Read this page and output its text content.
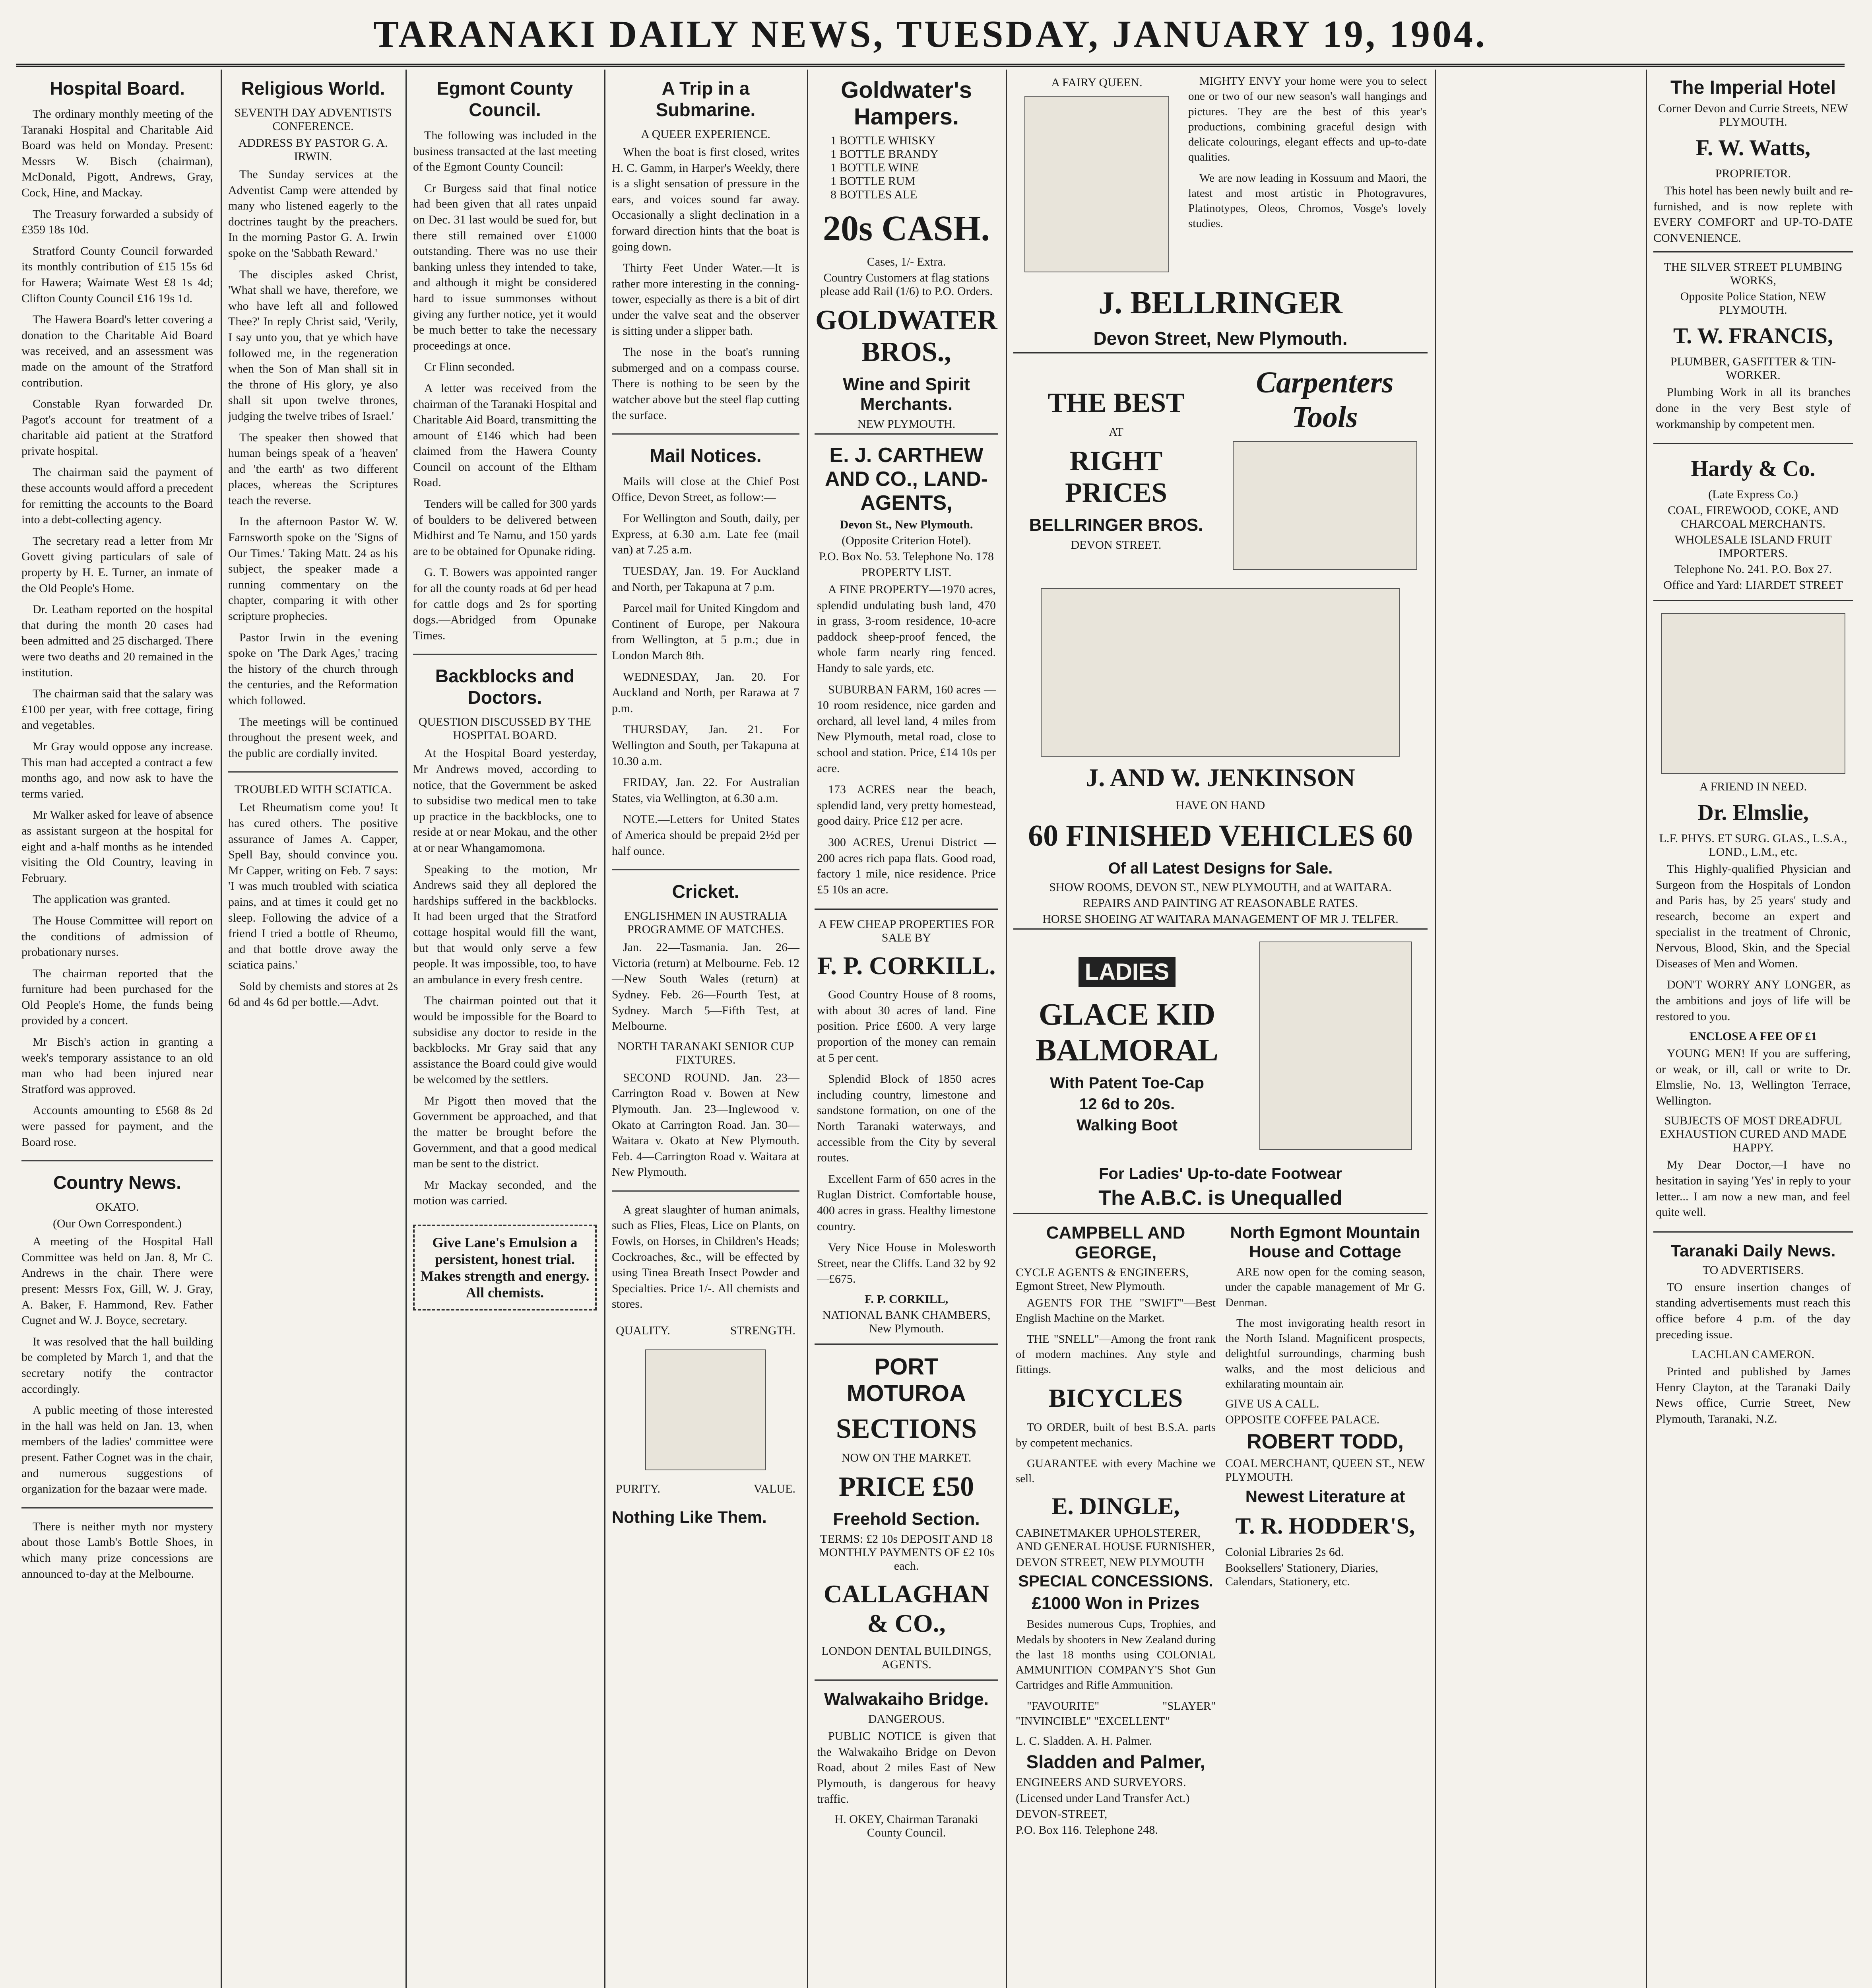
TARANAKI DAILY NEWS, TUESDAY, JANUARY 19, 1904.
Hospital Board.

The ordinary monthly meeting of the Taranaki Hospital and Charitable Aid Board was held on Monday. Present: Messrs W. Bisch (chairman), McDonald, Pigott, Andrews, Gray, Cock, Hine, and Mackay.

The Treasury forwarded a subsidy of £359 18s 10d.

Stratford County Council forwarded its monthly contribution of £15 15s 6d for Hawera; Waimate West £8 1s 4d; Clifton County Council £16 19s 1d.

The Hawera Board's letter covering a donation to the Charitable Aid Board was received, and an assessment was made on the amount of the Stratford contribution.

Constable Ryan forwarded Dr. Pagot's account for treatment of a charitable aid patient at the Stratford private hospital.

The chairman said the payment of these accounts would afford a precedent for remitting the accounts to the Board into a debt-collecting agency.

The secretary read a letter from Mr Govett giving particulars of sale of property by H. E. Turner, an inmate of the Old People's Home.

Dr. Leatham reported on the hospital that during the month 20 cases had been admitted and 25 discharged. There were two deaths and 20 remained in the institution.

The chairman said that the salary was £100 per year, with free cottage, firing and vegetables.

Mr Gray would oppose any increase. This man had accepted a contract a few months ago, and now ask to have the terms varied.

Mr Walker asked for leave of absence as assistant surgeon at the hospital for eight and a-half months as he intended visiting the Old Country, leaving in February.

The application was granted.

The House Committee will report on the conditions of admission of probationary nurses.

The chairman reported that the furniture had been purchased for the Old People's Home, the funds being provided by a concert.

Mr Bisch's action in granting a week's temporary assistance to an old man who had been injured near Stratford was approved.

Accounts amounting to £568 8s 2d were passed for payment, and the Board rose.

Country News.
OKATO.
(Our Own Correspondent.)

A meeting of the Hospital Hall Committee was held on Jan. 8, Mr C. Andrews in the chair. There were present: Messrs Fox, Gill, W. J. Gray, A. Baker, F. Hammond, Rev. Father Cugnet and W. J. Boyce, secretary.

It was resolved that the hall building be completed by March 1, and that the secretary notify the contractor accordingly.

A public meeting of those interested in the hall was held on Jan. 13, when members of the ladies' committee were present. Father Cognet was in the chair, and numerous suggestions of organization for the bazaar were made.

There is neither myth nor mystery about those Lamb's Bottle Shoes, in which many prize concessions are announced to-day at the Melbourne.

Religious World.
SEVENTH DAY ADVENTISTS CONFERENCE.
ADDRESS BY PASTOR G. A. IRWIN.

The Sunday services at the Adventist Camp were attended by many who listened eagerly to the doctrines taught by the preachers. In the morning Pastor G. A. Irwin spoke on the 'Sabbath Reward.'

The disciples asked Christ, 'What shall we have, therefore, we who have left all and followed Thee?' In reply Christ said, 'Verily, I say unto you, that ye which have followed me, in the regeneration when the Son of Man shall sit in the throne of His glory, ye also shall sit upon twelve thrones, judging the twelve tribes of Israel.'

The speaker then showed that human beings speak of a 'heaven' and 'the earth' as two different places, whereas the Scriptures teach the reverse.

In the afternoon Pastor W. W. Farnsworth spoke on the 'Signs of Our Times.' Taking Matt. 24 as his subject, the speaker made a running commentary on the chapter, comparing it with other scripture prophecies.

Pastor Irwin in the evening spoke on 'The Dark Ages,' tracing the history of the church through the centuries, and the Reformation which followed.

The meetings will be continued throughout the present week, and the public are cordially invited.

TROUBLED WITH SCIATICA.

Let Rheumatism come you! It has cured others. The positive assurance of James A. Capper, Spell Bay, should convince you. Mr Capper, writing on Feb. 7 says: 'I was much troubled with sciatica pains, and at times it could get no sleep. Following the advice of a friend I tried a bottle of Rheumo, and that bottle drove away the sciatica pains.'

Sold by chemists and stores at 2s 6d and 4s 6d per bottle.—Advt.

Egmont County Council.

The following was included in the business transacted at the last meeting of the Egmont County Council:

Cr Burgess said that final notice had been given that all rates unpaid on Dec. 31 last would be sued for, but there still remained over £1000 outstanding. There was no use their banking unless they intended to take, and although it might be considered hard to issue summonses without giving any further notice, yet it would be much better to take the necessary proceedings at once.

Cr Flinn seconded.

A letter was received from the chairman of the Taranaki Hospital and Charitable Aid Board, transmitting the amount of £146 which had been claimed from the Hawera County Council on account of the Eltham Road.

Tenders will be called for 300 yards of boulders to be delivered between Midhirst and Te Namu, and 150 yards are to be obtained for Opunake riding.

G. T. Bowers was appointed ranger for all the county roads at 6d per head for cattle dogs and 2s for sporting dogs.—Abridged from Opunake Times.

Backblocks and Doctors.
QUESTION DISCUSSED BY THE HOSPITAL BOARD.

At the Hospital Board yesterday, Mr Andrews moved, according to notice, that the Government be asked to subsidise two medical men to take up practice in the backblocks, one to reside at or near Mokau, and the other at or near Whangamomona.

Speaking to the motion, Mr Andrews said they all deplored the hardships suffered in the backblocks. It had been urged that the Stratford cottage hospital would fill the want, but that would only serve a few people. It was impossible, too, to have an ambulance in every fresh centre.

The chairman pointed out that it would be impossible for the Board to subsidise any doctor to reside in the backblocks. Mr Gray said that any assistance the Board could give would be welcomed by the settlers.

Mr Pigott then moved that the Government be approached, and that the matter be brought before the Government, and that a good medical man be sent to the district.

Mr Mackay seconded, and the motion was carried.

Give Lane's Emulsion a persistent, honest trial. Makes strength and energy. All chemists.
A Trip in a Submarine.
A QUEER EXPERIENCE.

When the boat is first closed, writes H. C. Gamm, in Harper's Weekly, there is a slight sensation of pressure in the ears, and voices sound far away. Occasionally a slight declination in a forward direction hints that the boat is going down.

Thirty Feet Under Water.—It is rather more interesting in the conning-tower, especially as there is a bit of dirt under the valve seat and the observer is sitting under a slipper bath.

The nose in the boat's running submerged and on a compass course. There is nothing to be seen by the watcher above but the steel flap cutting the surface.

Mail Notices.

Mails will close at the Chief Post Office, Devon Street, as follow:—

For Wellington and South, daily, per Express, at 6.30 a.m. Late fee (mail van) at 7.25 a.m.

TUESDAY, Jan. 19. For Auckland and North, per Takapuna at 7 p.m.

Parcel mail for United Kingdom and Continent of Europe, per Nakoura from Wellington, at 5 p.m.; due in London March 8th.

WEDNESDAY, Jan. 20. For Auckland and North, per Rarawa at 7 p.m.

THURSDAY, Jan. 21. For Wellington and South, per Takapuna at 10.30 a.m.

FRIDAY, Jan. 22. For Australian States, via Wellington, at 6.30 a.m.

NOTE.—Letters for United States of America should be prepaid 2½d per half ounce.

Cricket.
ENGLISHMEN IN AUSTRALIA PROGRAMME OF MATCHES.

Jan. 22—Tasmania. Jan. 26—Victoria (return) at Melbourne. Feb. 12—New South Wales (return) at Sydney. Feb. 26—Fourth Test, at Sydney. March 5—Fifth Test, at Melbourne.

NORTH TARANAKI SENIOR CUP FIXTURES.

SECOND ROUND. Jan. 23—Carrington Road v. Bowen at New Plymouth. Jan. 23—Inglewood v. Okato at Carrington Road. Jan. 30—Waitara v. Okato at New Plymouth. Feb. 4—Carrington Road v. Waitara at New Plymouth.

A great slaughter of human animals, such as Flies, Fleas, Lice on Plants, on Fowls, on Horses, in Children's Heads; Cockroaches, &c., will be effected by using Tinea Breath Insect Powder and Specialties. Price 1/-. All chemists and stores.

QUALITY.	STRENGTH.
PURITY.	VALUE.
Nothing Like Them.
Goldwater's Hampers.
1 BOTTLE WHISKY
1 BOTTLE BRANDY
1 BOTTLE WINE
1 BOTTLE RUM
8 BOTTLES ALE
20s CASH.
Cases, 1/- Extra.
Country Customers at flag stations please add Rail (1/6) to P.O. Orders.
GOLDWATER BROS.,
Wine and Spirit Merchants.
NEW PLYMOUTH.
E. J. CARTHEW AND CO., LAND-AGENTS,
Devon St., New Plymouth.
(Opposite Criterion Hotel).
P.O. Box No. 53. Telephone No. 178
PROPERTY LIST.

A FINE PROPERTY—1970 acres, splendid undulating bush land, 470 in grass, 3-room residence, 10-acre paddock sheep-proof fenced, the whole farm nearly ring fenced. Handy to sale yards, etc.

SUBURBAN FARM, 160 acres — 10 room residence, nice garden and orchard, all level land, 4 miles from New Plymouth, metal road, close to school and station. Price, £14 10s per acre.

173 ACRES near the beach, splendid land, very pretty homestead, good dairy. Price £12 per acre.

300 ACRES, Urenui District — 200 acres rich papa flats. Good road, factory 1 mile, nice residence. Price £5 10s an acre.

A FEW CHEAP PROPERTIES FOR SALE BY
F. P. CORKILL.

Good Country House of 8 rooms, with about 30 acres of land. Fine position. Price £600. A very large proportion of the money can remain at 5 per cent.

Splendid Block of 1850 acres including country, limestone and sandstone formation, on one of the North Taranaki waterways, and accessible from the City by several routes.

Excellent Farm of 650 acres in the Ruglan District. Comfortable house, 400 acres in grass. Healthy limestone country.

Very Nice House in Molesworth Street, near the Cliffs. Land 32 by 92—£675.

F. P. CORKILL,
NATIONAL BANK CHAMBERS, New Plymouth.
PORT MOTUROA
SECTIONS
NOW ON THE MARKET.
PRICE £50
Freehold Section.
TERMS: £2 10s DEPOSIT AND 18 MONTHLY PAYMENTS OF £2 10s each.
CALLAGHAN & CO.,
LONDON DENTAL BUILDINGS, AGENTS.
Walwakaiho Bridge.
DANGEROUS.

PUBLIC NOTICE is given that the Walwakaiho Bridge on Devon Road, about 2 miles East of New Plymouth, is dangerous for heavy traffic.

H. OKEY, Chairman Taranaki County Council.
A FAIRY QUEEN.	MIGHTY ENVY your home were you to select one or two of our new season's wall hangings and pictures. They are the best of this year's productions, combining graceful design with delicate colourings, elegant effects and up-to-date qualities.

We are now leading in Kossuum and Maori, the latest and most artistic in Photogravures, Platinotypes, Oleos, Chromos, Vosge's lovely studies.

J. BELLRINGER
Devon Street, New Plymouth.
THE BEST
AT
RIGHT PRICES
BELLRINGER BROS.
DEVON STREET.
Carpenters Tools
J. AND W. JENKINSON
HAVE ON HAND
60 FINISHED VEHICLES 60
Of all Latest Designs for Sale.
SHOW ROOMS, DEVON ST., NEW PLYMOUTH, and at WAITARA.
REPAIRS AND PAINTING AT REASONABLE RATES.
HORSE SHOEING AT WAITARA MANAGEMENT OF MR J. TELFER.
LADIES
GLACE KID BALMORAL
With Patent Toe-Cap
12 6d to 20s.
Walking Boot
For Ladies' Up-to-date Footwear
The A.B.C. is Unequalled
CAMPBELL AND GEORGE,
CYCLE AGENTS & ENGINEERS, Egmont Street, New Plymouth.

AGENTS FOR THE "SWIFT"—Best English Machine on the Market.

THE "SNELL"—Among the front rank of modern machines. Any style and fittings.

BICYCLES

TO ORDER, built of best B.S.A. parts by competent mechanics.

GUARANTEE with every Machine we sell.

E. DINGLE,
CABINETMAKER UPHOLSTERER, AND GENERAL HOUSE FURNISHER,
DEVON STREET, NEW PLYMOUTH
SPECIAL CONCESSIONS.
£1000 Won in Prizes

Besides numerous Cups, Trophies, and Medals by shooters in New Zealand during the last 18 months using COLONIAL AMMUNITION COMPANY'S Shot Gun Cartridges and Rifle Ammunition.

"FAVOURITE" "SLAYER" "INVINCIBLE" "EXCELLENT"

L. C. Sladden. A. H. Palmer.
Sladden and Palmer,
ENGINEERS AND SURVEYORS.
(Licensed under Land Transfer Act.)
DEVON-STREET,
P.O. Box 116. Telephone 248.
North Egmont Mountain House and Cottage

ARE now open for the coming season, under the capable management of Mr G. Denman.

The most invigorating health resort in the North Island. Magnificent prospects, delightful surroundings, charming bush walks, and the most delicious and exhilarating mountain air.

GIVE US A CALL.
OPPOSITE COFFEE PALACE.
ROBERT TODD,
COAL MERCHANT, QUEEN ST., NEW PLYMOUTH.
Newest Literature at
T. R. HODDER'S,
Colonial Libraries 2s 6d.
Booksellers' Stationery, Diaries, Calendars, Stationery, etc.
The Imperial Hotel
Corner Devon and Currie Streets, NEW PLYMOUTH.
F. W. Watts,
PROPRIETOR.

This hotel has been newly built and re-furnished, and is now replete with EVERY COMFORT and UP-TO-DATE CONVENIENCE.

THE SILVER STREET PLUMBING WORKS,
Opposite Police Station, NEW PLYMOUTH.
T. W. FRANCIS,
PLUMBER, GASFITTER & TIN-WORKER.

Plumbing Work in all its branches done in the very Best style of workmanship by competent men.

Hardy & Co.
(Late Express Co.)
COAL, FIREWOOD, COKE, AND CHARCOAL MERCHANTS.
WHOLESALE ISLAND FRUIT IMPORTERS.
Telephone No. 241. P.O. Box 27.
Office and Yard: LIARDET STREET
A FRIEND IN NEED.
Dr. Elmslie,
L.F. PHYS. ET SURG. GLAS., L.S.A., LOND., L.M., etc.

This Highly-qualified Physician and Surgeon from the Hospitals of London and Paris has, by 25 years' study and research, become an expert and specialist in the treatment of Chronic, Nervous, Blood, Skin, and the Special Diseases of Men and Women.

DON'T WORRY ANY LONGER, as the ambitions and joys of life will be restored to you.

ENCLOSE A FEE OF £1

YOUNG MEN! If you are suffering, or weak, or ill, call or write to Dr. Elmslie, No. 13, Wellington Terrace, Wellington.

SUBJECTS OF MOST DREADFUL EXHAUSTION CURED AND MADE HAPPY.

My Dear Doctor,—I have no hesitation in saying 'Yes' in reply to your letter... I am now a new man, and feel quite well.

Taranaki Daily News.
TO ADVERTISERS.

TO ensure insertion changes of standing advertisements must reach this office before 4 p.m. of the day preceding issue.

LACHLAN CAMERON.

Printed and published by James Henry Clayton, at the Taranaki Daily News office, Currie Street, New Plymouth, Taranaki, N.Z.
